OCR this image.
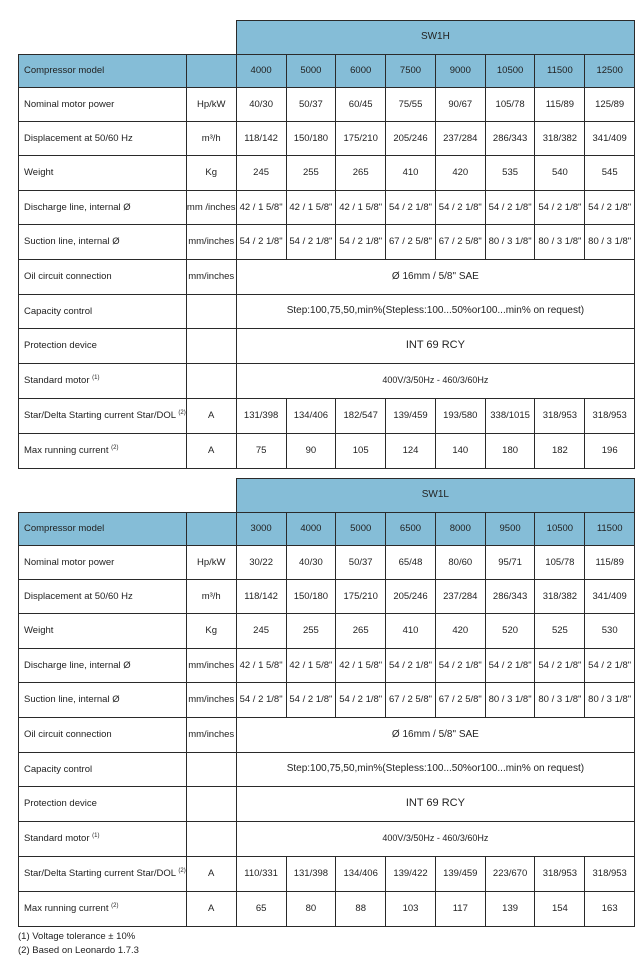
		SW1H							
Compressor model		4000	5000	6000	7500	9000	10500	11500	12500
Nominal motor power	Hp/kW	40/30	50/37	60/45	75/55	90/67	105/78	115/89	125/89
Displacement at 50/60 Hz	m³/h	118/142	150/180	175/210	205/246	237/284	286/343	318/382	341/409
Weight	Kg	245	255	265	410	420	535	540	545
Discharge line, internal Ø	mm /inches	42 / 1 5/8"	42 / 1 5/8"	42 / 1 5/8"	54 / 2 1/8"	54 / 2 1/8"	54 / 2 1/8"	54 / 2 1/8"	54 / 2 1/8"
Suction line, internal Ø	mm/inches	54 / 2 1/8"	54 / 2 1/8"	54 / 2 1/8"	67 / 2 5/8"	67 / 2 5/8"	80 / 3 1/8"	80 / 3 1/8"	80 / 3 1/8"
Oil circuit connection	mm/inches	Ø 16mm / 5/8" SAE							
Capacity control		Step:100,75,50,min%(Stepless:100...50%or100...min% on request)							
Protection device		INT 69 RCY							
Standard motor $^{(1)}$		400V/3/50Hz - 460/3/60Hz							
Star/Delta Starting current Star/DOL $^{(2)}$	A	131/398	134/406	182/547	139/459	193/580	338/1015	318/953	318/953
Max running current $^{(2)}$	A	75	90	105	124	140	180	182	196
		SW1L							
Compressor model		3000	4000	5000	6500	8000	9500	10500	11500
Nominal motor power	Hp/kW	30/22	40/30	50/37	65/48	80/60	95/71	105/78	115/89
Displacement at 50/60 Hz	m³/h	118/142	150/180	175/210	205/246	237/284	286/343	318/382	341/409
Weight	Kg	245	255	265	410	420	520	525	530
Discharge line, internal Ø	mm/inches	42 / 1 5/8"	42 / 1 5/8"	42 / 1 5/8"	54 / 2 1/8"	54 / 2 1/8"	54 / 2 1/8"	54 / 2 1/8"	54 / 2 1/8"
Suction line, internal Ø	mm/inches	54 / 2 1/8"	54 / 2 1/8"	54 / 2 1/8"	67 / 2 5/8"	67 / 2 5/8"	80 / 3 1/8"	80 / 3 1/8"	80 / 3 1/8"
Oil circuit connection	mm/inches	Ø 16mm / 5/8" SAE							
Capacity control		Step:100,75,50,min%(Stepless:100...50%or100...min% on request)							
Protection device		INT 69 RCY							
Standard motor $^{(1)}$		400V/3/50Hz - 460/3/60Hz							
Star/Delta Starting current Star/DOL $^{(2)}$	A	110/331	131/398	134/406	139/422	139/459	223/670	318/953	318/953
Max running current $^{(2)}$	A	65	80	88	103	117	139	154	163
(1) Voltage tolerance ± 10%
(2) Based on Leonardo 1.7.3
